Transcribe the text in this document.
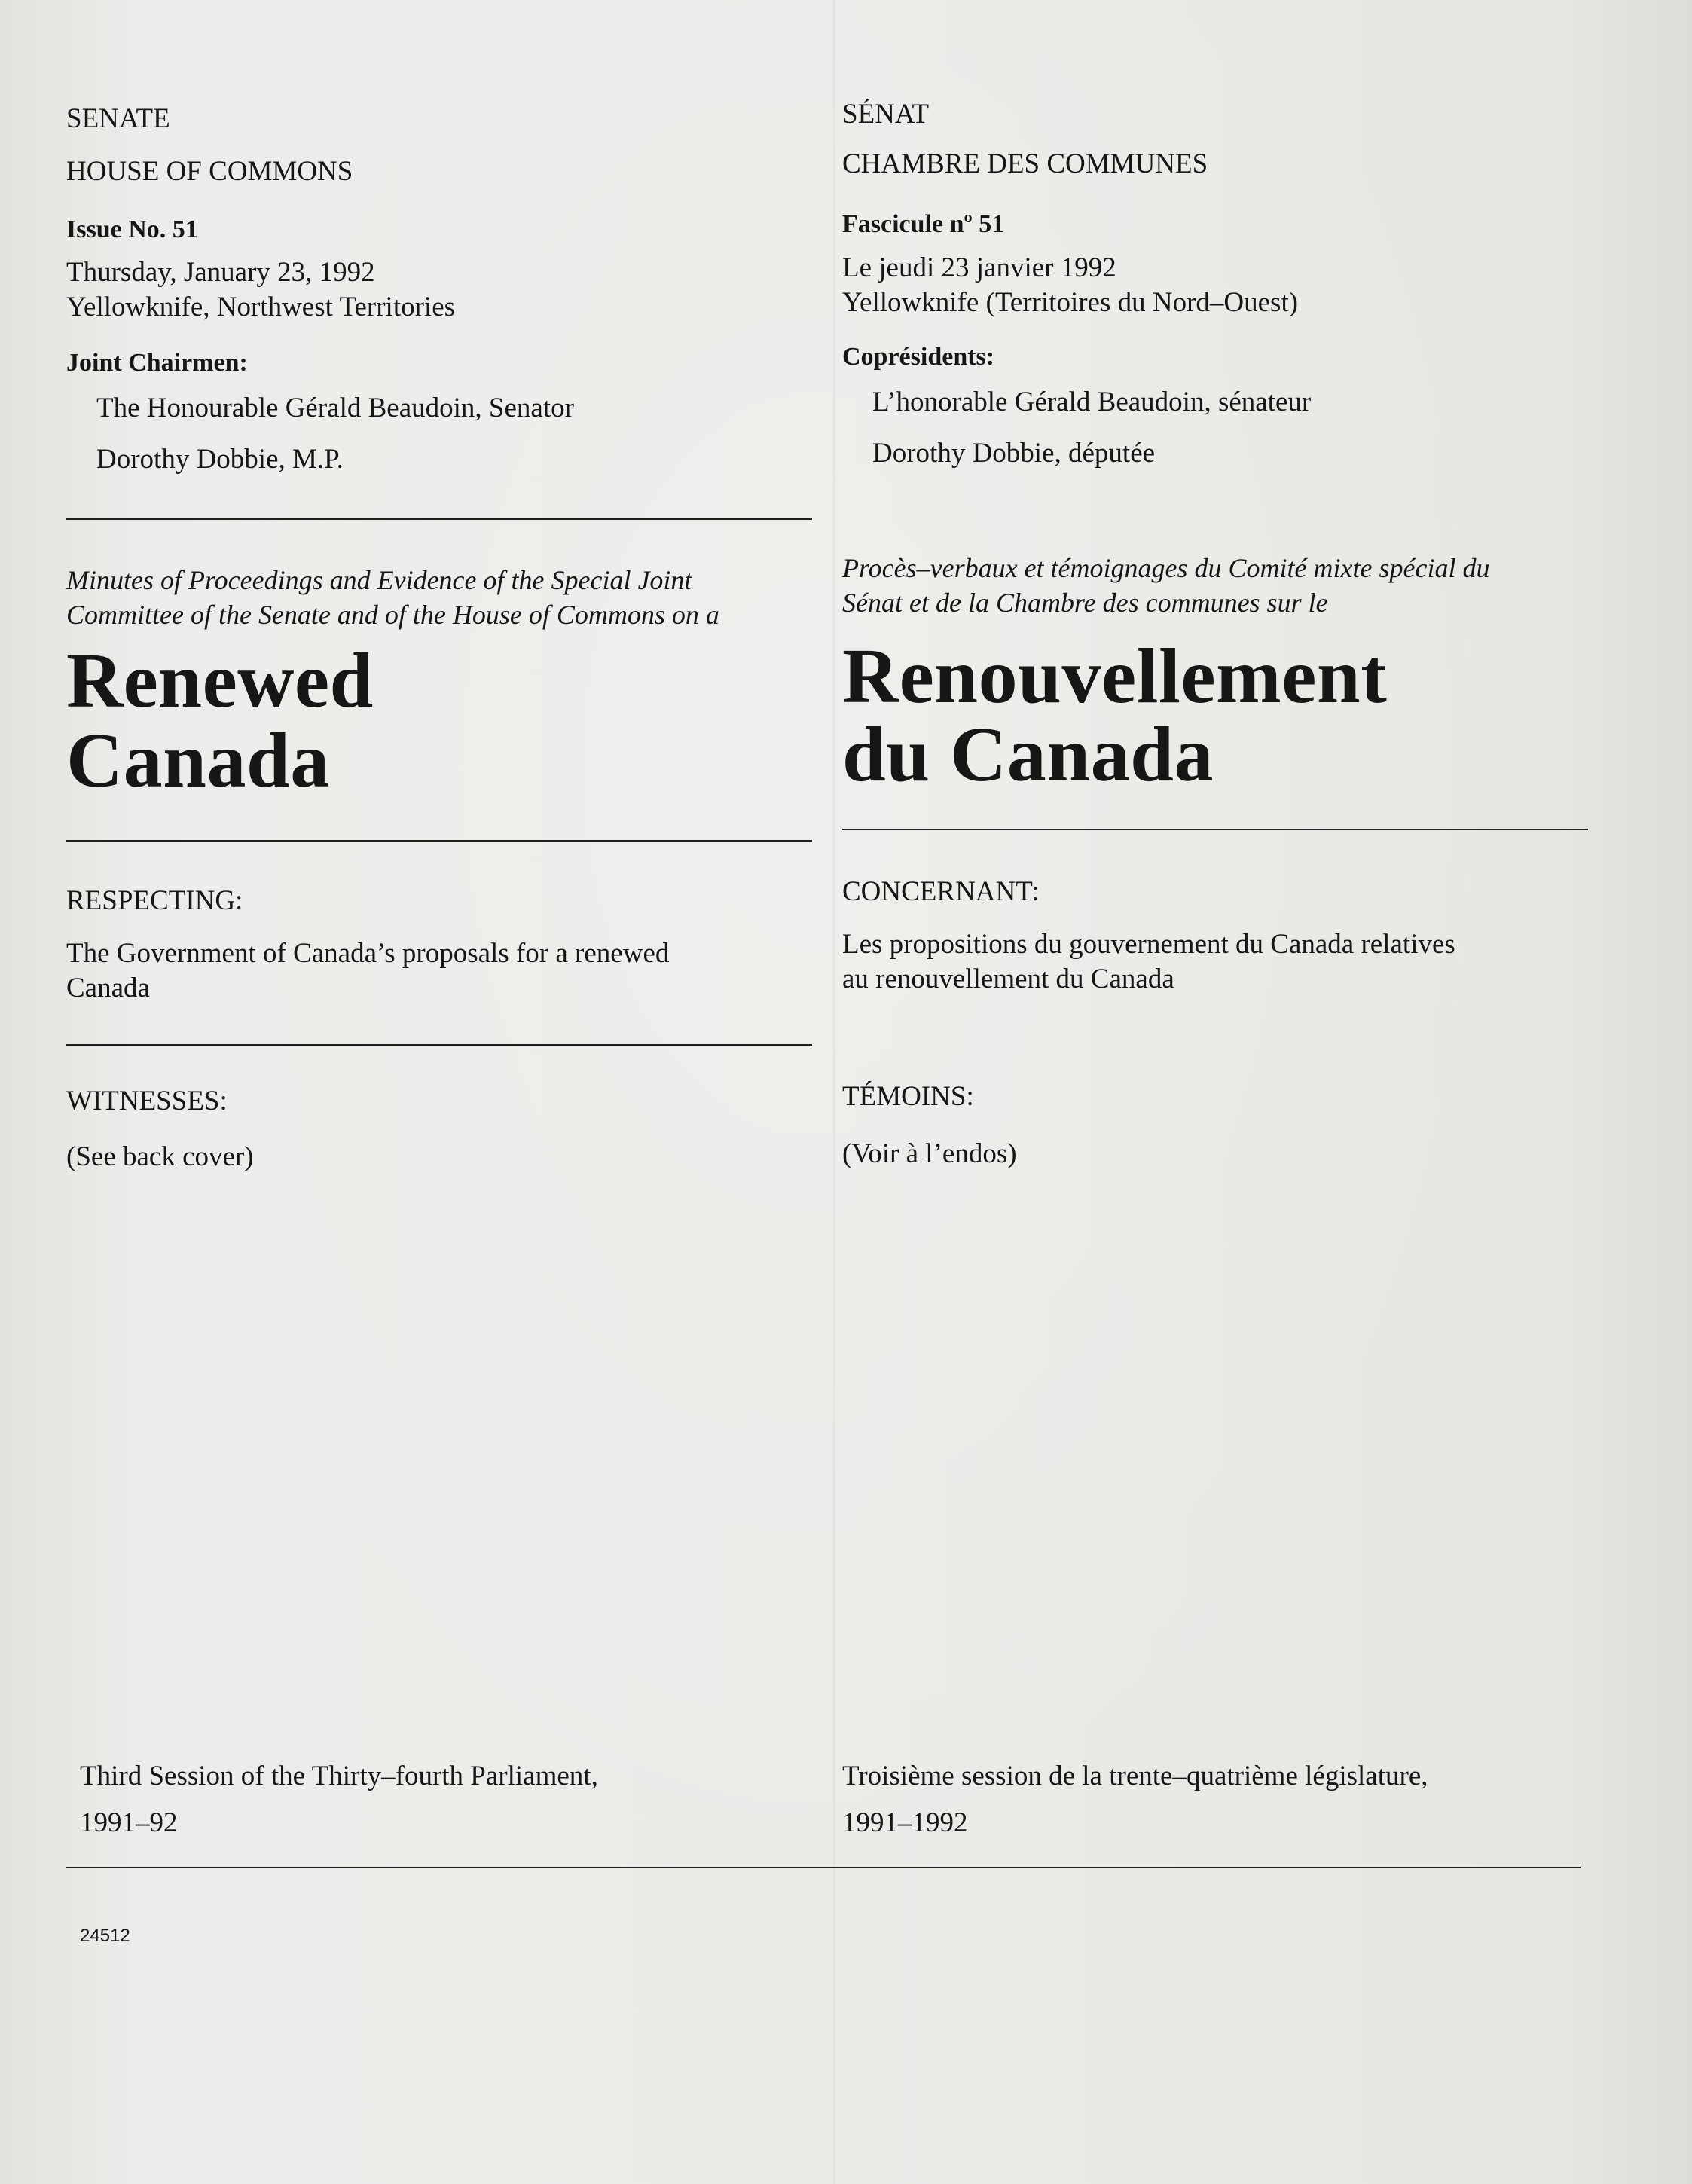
SENATE
HOUSE OF COMMONS
Issue No. 51
Thursday, January 23, 1992
Yellowknife, Northwest Territories
Joint Chairmen:
The Honourable Gérald Beaudoin, Senator
Dorothy Dobbie, M.P.
Minutes of Proceedings and Evidence of the Special Joint
Committee of the Senate and of the House of Commons on a
Renewed
Canada
RESPECTING:
The Government of Canada’s proposals for a renewed
Canada
WITNESSES:
(See back cover)
Third Session of the Thirty–fourth Parliament,
1991–92
24512
SÉNAT
CHAMBRE DES COMMUNES
Fascicule nº 51
Le jeudi 23 janvier 1992
Yellowknife (Territoires du Nord–Ouest)
Coprésidents:
L’honorable Gérald Beaudoin, sénateur
Dorothy Dobbie, députée
Procès–verbaux et témoignages du Comité mixte spécial du
Sénat et de la Chambre des communes sur le
Renouvellement
du Canada
CONCERNANT:
Les propositions du gouvernement du Canada relatives
au renouvellement du Canada
TÉMOINS:
(Voir à l’endos)
Troisième session de la trente–quatrième législature,
1991–1992
